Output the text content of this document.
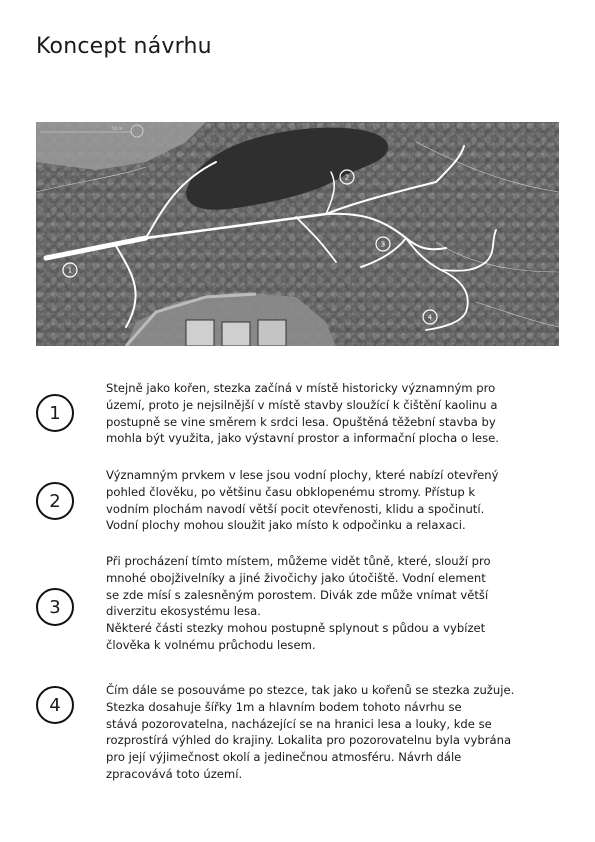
Koncept návrhu
50 m
1
2
3
4
1
Stejně jako kořen, stezka začíná v místě historicky významným pro
území, proto je nejsilnější v místě stavby sloužící k čištění kaolinu a
postupně se vine směrem k srdci lesa. Opuštěná těžební stavba by
mohla být využita, jako výstavní prostor a informační plocha o lese.
2
Významným prvkem v lese jsou vodní plochy, které nabízí otevřený
pohled člověku, po většinu času obklopenému stromy. Přístup k
vodním plochám navodí větší pocit otevřenosti, klidu a spočinutí.
Vodní plochy mohou sloužit jako místo k odpočinku a relaxaci.
3
Při procházení tímto místem, můžeme vidět tůně, které, slouží pro
mnohé obojživelníky a jiné živočichy jako útočiště. Vodní element
se zde mísí s zalesněným porostem. Divák zde může vnímat větší
diverzitu ekosystému lesa.
Některé části stezky mohou postupně splynout s půdou a vybízet
člověka k volnému průchodu lesem.
4
Čím dále se posouváme po stezce, tak jako u kořenů se stezka zužuje.
Stezka dosahuje šířky 1m a hlavním bodem tohoto návrhu se
stává pozorovatelna, nacházející se na hranici lesa a louky, kde se
rozprostírá výhled do krajiny. Lokalita pro pozorovatelnu byla vybrána
pro její výjimečnost okolí a jedinečnou atmosféru. Návrh dále
zpracovává toto území.
